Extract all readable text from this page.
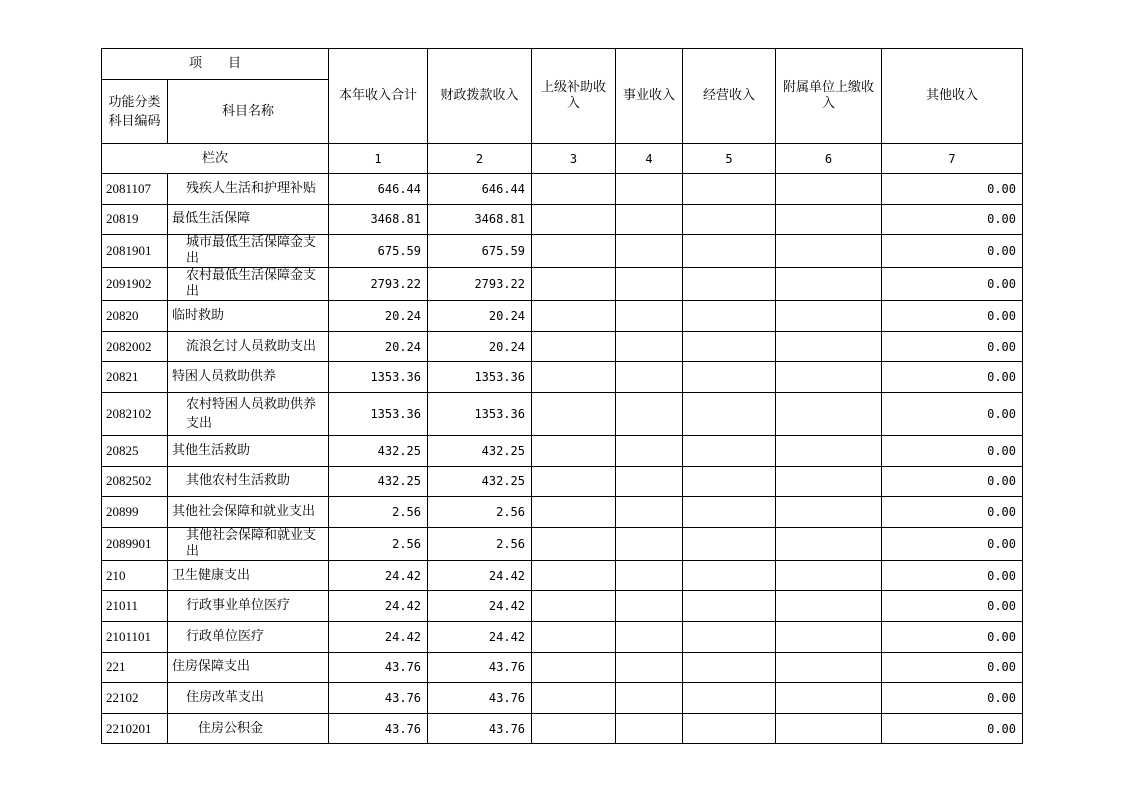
项　　目		本年收入合计	财政拨款收入	上级补助收入	事业收入	经营收入	附属单位上缴收入	其他收入
功能分类科目编码	科目名称							
栏次		1	2	3	4	5	6	7
2081107	残疾人生活和护理补贴	646.44	646.44					0.00
20819	最低生活保障	3468.81	3468.81					0.00
2081901	城市最低生活保障金支出	675.59	675.59					0.00
2091902	农村最低生活保障金支出	2793.22	2793.22					0.00
20820	临时救助	20.24	20.24					0.00
2082002	流浪乞讨人员救助支出	20.24	20.24					0.00
20821	特困人员救助供养	1353.36	1353.36					0.00
2082102	农村特困人员救助供养支出	1353.36	1353.36					0.00
20825	其他生活救助	432.25	432.25					0.00
2082502	其他农村生活救助	432.25	432.25					0.00
20899	其他社会保障和就业支出	2.56	2.56					0.00
2089901	其他社会保障和就业支出	2.56	2.56					0.00
210	卫生健康支出	24.42	24.42					0.00
21011	行政事业单位医疗	24.42	24.42					0.00
2101101	行政单位医疗	24.42	24.42					0.00
221	住房保障支出	43.76	43.76					0.00
22102	住房改革支出	43.76	43.76					0.00
2210201	住房公积金	43.76	43.76					0.00
